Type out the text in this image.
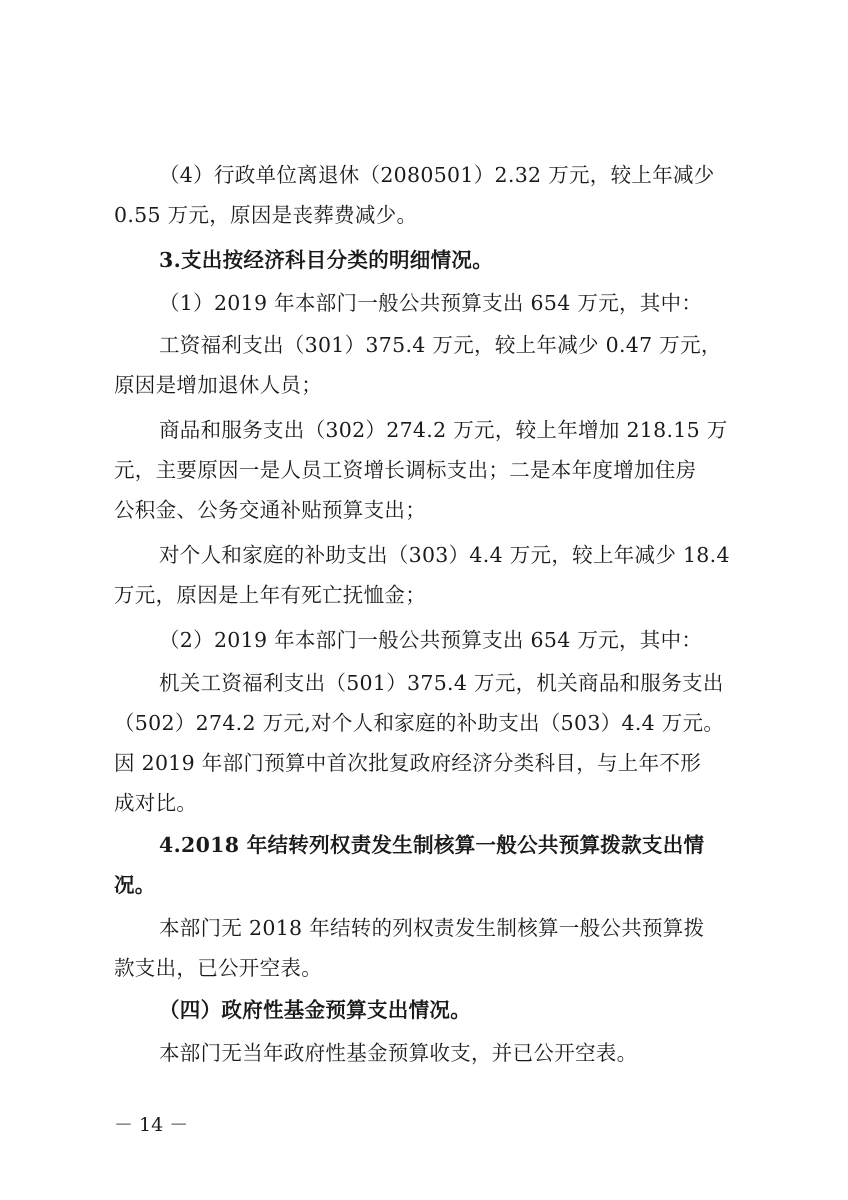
（4）行政单位离退休（2080501）2.32 万元，较上年减少
0.55 万元，原因是丧葬费减少。
3.支出按经济科目分类的明细情况。
（1）2019 年本部门一般公共预算支出 654 万元，其中：
工资福利支出（301）375.4 万元，较上年减少 0.47 万元，
原因是增加退休人员；
商品和服务支出（302）274.2 万元，较上年增加 218.15 万
元，主要原因一是人员工资增长调标支出；二是本年度增加住房
公积金、公务交通补贴预算支出；
对个人和家庭的补助支出（303）4.4 万元，较上年减少 18.4
万元，原因是上年有死亡抚恤金；
（2）2019 年本部门一般公共预算支出 654 万元，其中：
机关工资福利支出（501）375.4 万元，机关商品和服务支出
（502）274.2 万元,对个人和家庭的补助支出（503）4.4 万元。
因 2019 年部门预算中首次批复政府经济分类科目，与上年不形
成对比。
4.2018 年结转列权责发生制核算一般公共预算拨款支出情
况。
本部门无 2018 年结转的列权责发生制核算一般公共预算拨
款支出，已公开空表。
（四）政府性基金预算支出情况。
本部门无当年政府性基金预算收支，并已公开空表。
－ 14 －
